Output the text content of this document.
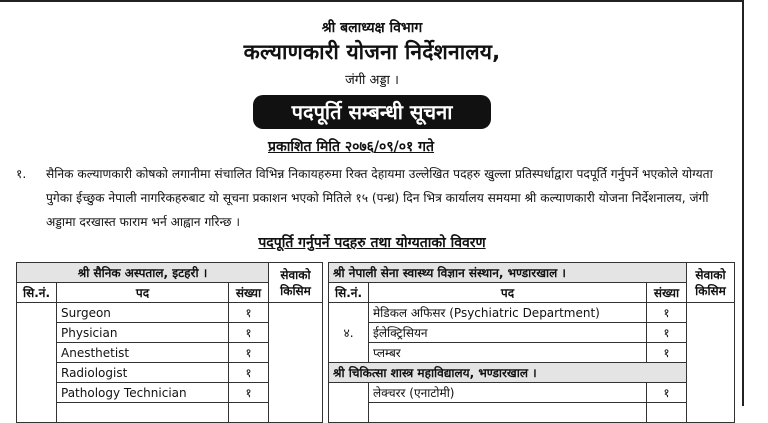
श्री बलाध्यक्ष विभाग
कल्याणकारी योजना निर्देशनालय,
जंगी अड्डा ।
पदपूर्ति सम्बन्धी सूचना
प्रकाशित मिति २०७६/०९/०१ गते
१. सैनिक कल्याणकारी कोषको लगानीमा संचालित विभिन्न निकायहरुमा रिक्त देहायमा उल्लेखित पदहरु खुल्ला प्रतिस्पर्धाद्वारा पदपूर्ति गर्नुपर्ने भएकोले योग्यता पुगेका ईच्छुक नेपाली नागरिकहरुबाट यो सूचना प्रकाशन भएको मितिले १५ (पन्ध्र) दिन भित्र कार्यालय समयमा श्री कल्याणकारी योजना निर्देशनालय, जंगी अड्डामा दरखास्त फाराम भर्न आह्वान गरिन्छ ।
पदपूर्ति गर्नुपर्ने पदहरु तथा योग्यताको विवरण
श्री सैनिक अस्पताल, इटहरी ।			सेवाको किसिम
सि.नं.	पद	संख्या	
	Surgeon	१	
	Physician	१	
	Anesthetist	१	
	Radiologist	१	
	Pathology Technician	१	

श्री नेपाली सेना स्वास्थ्य विज्ञान संस्थान, भण्डारखाल ।			सेवाको किसिम
सि.नं.	पद	संख्या	
४.	मेडिकल अफिसर (Psychiatric Department)	१	
	ईलेक्ट्रिसियन	१	
	प्लम्बर	१	
श्री चिकित्सा शास्त्र महाविद्यालय, भण्डारखाल ।			
	लेक्चरर (एनाटोमी)	१	
